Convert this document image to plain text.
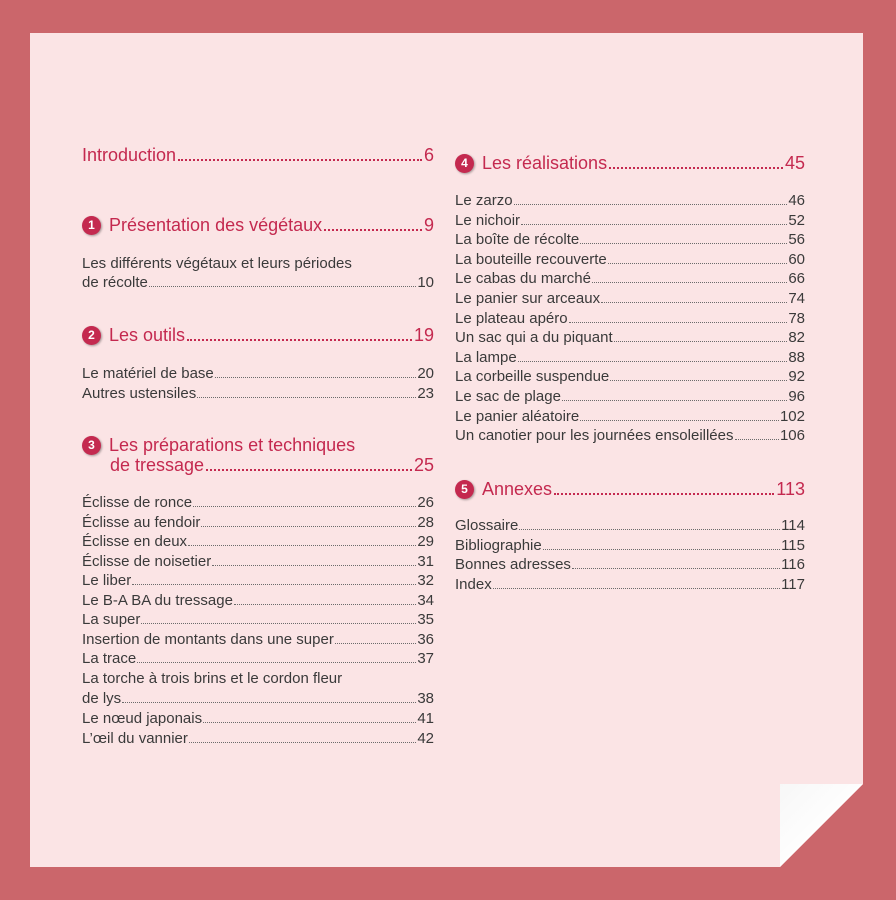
Introduction	6
1 Présentation des végétaux	9
Les différents végétaux et leurs périodes
de récolte	10
2 Les outils	19
Le matériel de base	20
Autres ustensiles	23
3 Les préparations et techniques
de tressage	25
Éclisse de ronce	26
Éclisse au fendoir	28
Éclisse en deux	29
Éclisse de noisetier	31
Le liber	32
Le B-A BA du tressage	34
La super	35
Insertion de montants dans une super	36
La trace	37
La torche à trois brins et le cordon fleur
de lys	38
Le nœud japonais	41
L’œil du vannier	42
4 Les réalisations	45
Le zarzo	46
Le nichoir	52
La boîte de récolte	56
La bouteille recouverte	60
Le cabas du marché	66
Le panier sur arceaux	74
Le plateau apéro	78
Un sac qui a du piquant	82
La lampe	88
La corbeille suspendue	92
Le sac de plage	96
Le panier aléatoire	102
Un canotier pour les journées ensoleillées	106
5 Annexes	113
Glossaire	114
Bibliographie	115
Bonnes adresses	116
Index	117
